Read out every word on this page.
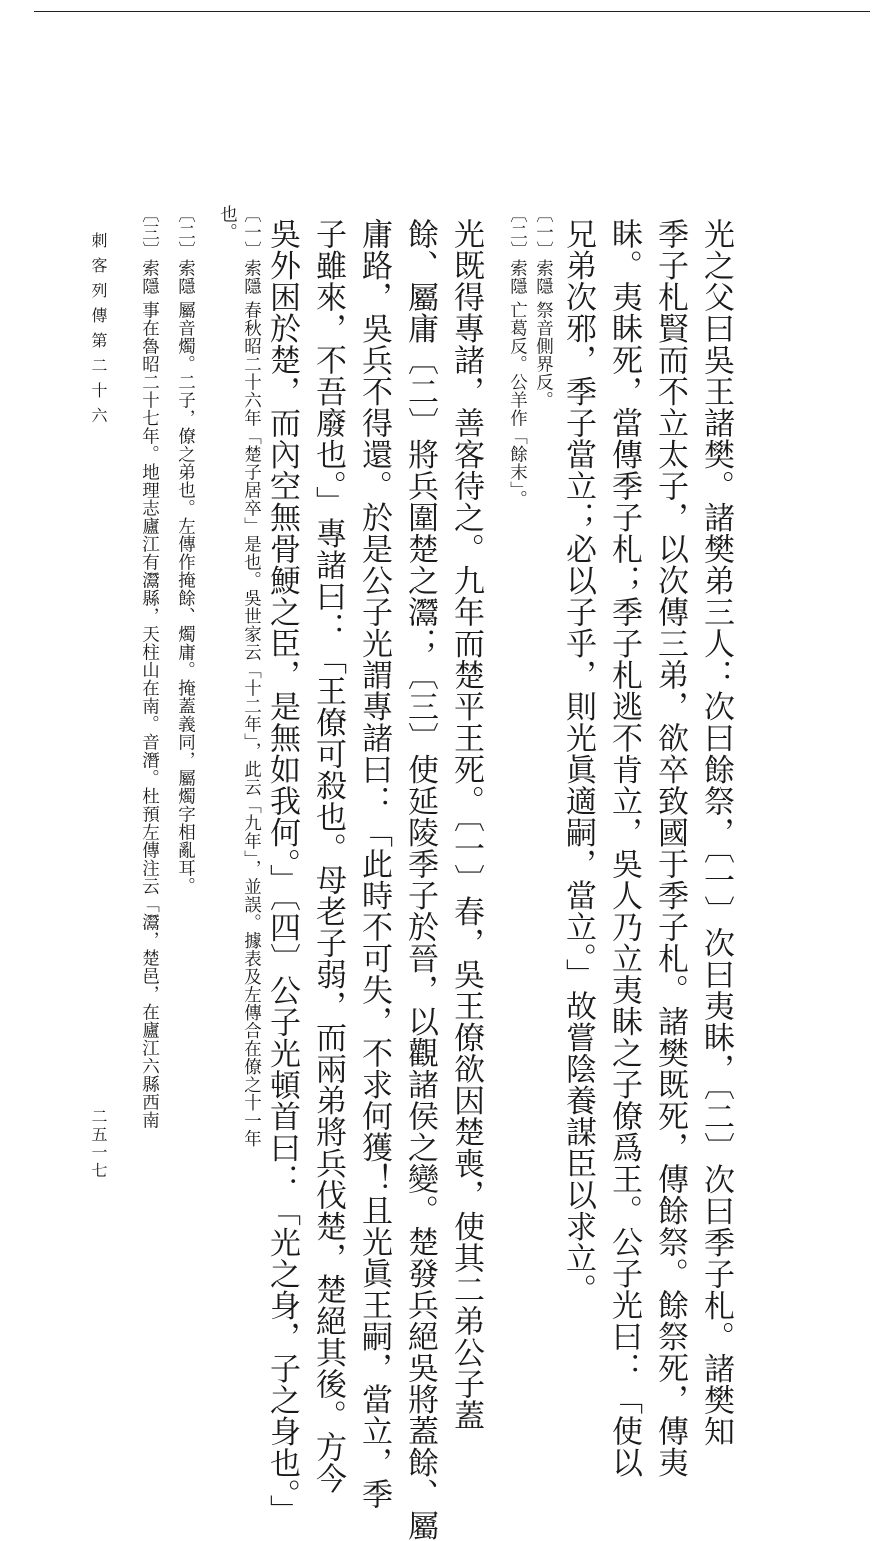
光之父曰吳王諸樊。諸樊弟三人：次曰餘祭，〔一〕次曰夷眛，〔二〕次曰季子札。諸樊知
季子札賢而不立太子，以次傳三弟，欲卒致國于季子札。諸樊既死，傳餘祭。餘祭死，傳夷
眛。夷眛死，當傳季子札；季子札逃不肯立，吳人乃立夷眛之子僚爲王。公子光曰：「使以
兄弟次邪，季子當立；必以子乎，則光眞適嗣，當立。」故嘗陰養謀臣以求立。
〔一〕索隱 祭音側界反。
〔二〕索隱 亡葛反。公羊作「餘末」。
光既得專諸，善客待之。九年而楚平王死。〔一〕春，吳王僚欲因楚喪，使其二弟公子蓋
餘、屬庸〔二〕將兵圍楚之灊；〔三〕使延陵季子於晉，以觀諸侯之變。楚發兵絕吳將蓋餘、屬
庸路，吳兵不得還。於是公子光謂專諸曰：「此時不可失，不求何獲！且光眞王嗣，當立，季
子雖來，不吾廢也。」專諸曰：「王僚可殺也。母老子弱，而兩弟將兵伐楚，楚絕其後。方今
吳外困於楚，而內空無骨鯁之臣，是無如我何。」〔四〕公子光頓首曰：「光之身，子之身也。」
〔一〕索隱 春秋昭二十六年「楚子居卒」是也。吳世家云「十二年」，此云「九年」，並誤。據表及左傳合在僚之十一年
也。
〔二〕索隱 屬音燭。二子，僚之弟也。左傳作掩餘、燭庸。掩蓋義同，屬燭字相亂耳。
〔三〕索隱 事在魯昭二十七年。地理志廬江有灊縣，天柱山在南。音潛。杜預左傳注云「灊，楚邑，在廬江六縣西南
刺客列傳第二十六
二五一七
